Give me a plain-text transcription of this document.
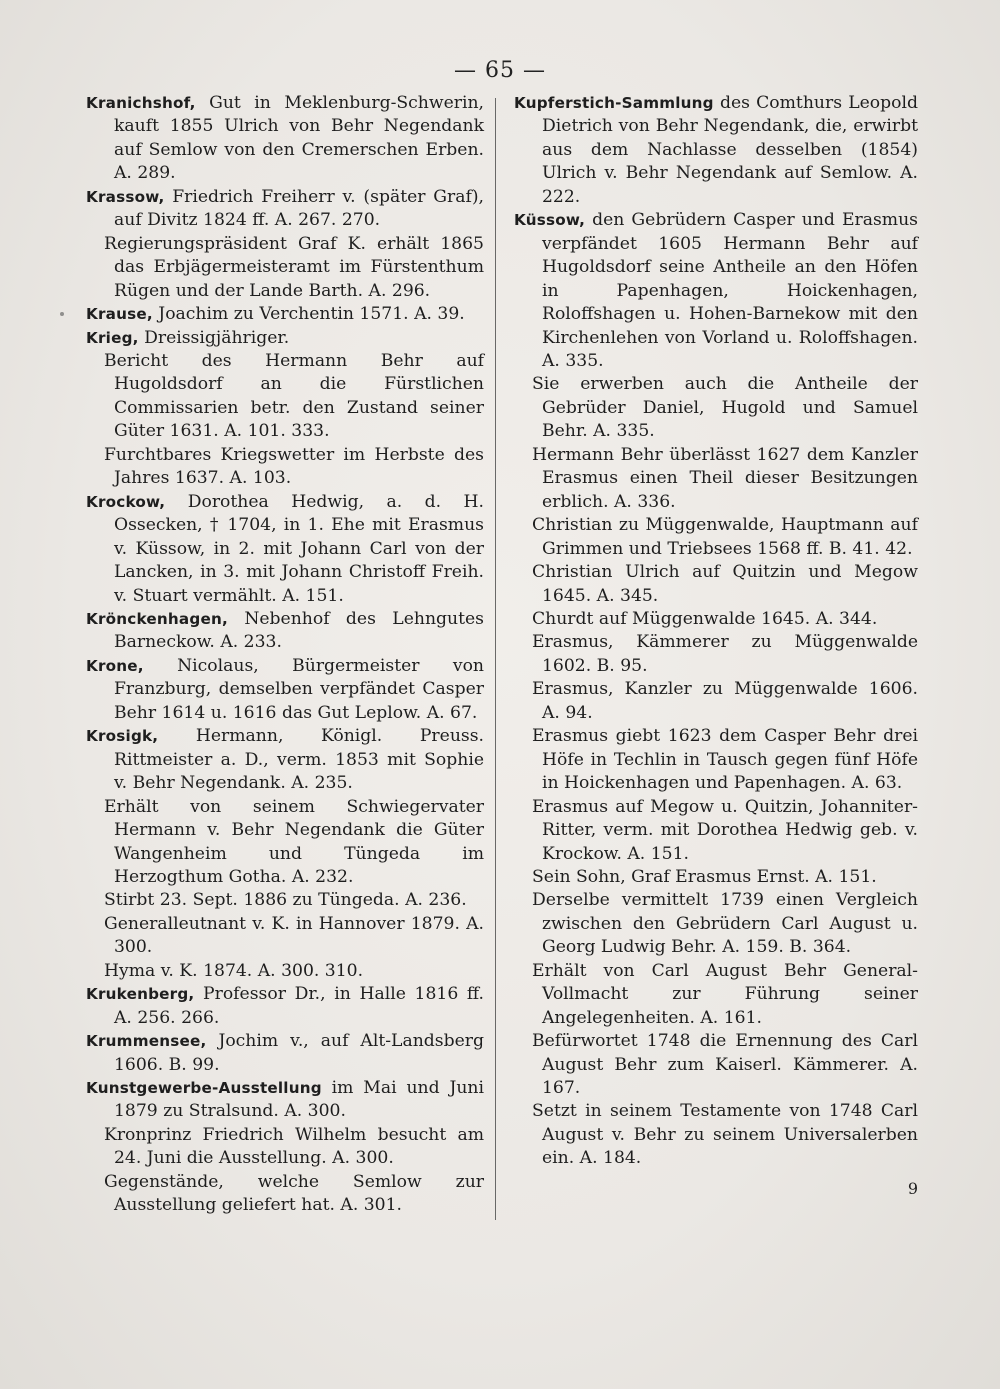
— 65 —

Kranichshof, Gut in Meklenburg-Schwerin, kauft 1855 Ulrich von Behr Negendank auf Semlow von den Cremerschen Erben. A. 289.

Krassow, Friedrich Freiherr v. (später Graf), auf Divitz 1824 ff. A. 267. 270.

Regierungspräsident Graf K. erhält 1865 das Erbjägermeisteramt im Fürstenthum Rügen und der Lande Barth. A. 296.

Krause, Joachim zu Verchentin 1571. A. 39.

Krieg, Dreissigjähriger.

Bericht des Hermann Behr auf Hugoldsdorf an die Fürstlichen Commissarien betr. den Zustand seiner Güter 1631. A. 101. 333.

Furchtbares Kriegswetter im Herbste des Jahres 1637. A. 103.

Krockow, Dorothea Hedwig, a. d. H. Ossecken, † 1704, in 1. Ehe mit Erasmus v. Küssow, in 2. mit Johann Carl von der Lancken, in 3. mit Johann Christoff Freih. v. Stuart vermählt. A. 151.

Krönckenhagen, Nebenhof des Lehngutes Barneckow. A. 233.

Krone, Nicolaus, Bürgermeister von Franzburg, demselben verpfändet Casper Behr 1614 u. 1616 das Gut Leplow. A. 67.

Krosigk, Hermann, Königl. Preuss. Rittmeister a. D., verm. 1853 mit Sophie v. Behr Negendank. A. 235.

Erhält von seinem Schwiegervater Hermann v. Behr Negendank die Güter Wangenheim und Tüngeda im Herzogthum Gotha. A. 232.

Stirbt 23. Sept. 1886 zu Tüngeda. A. 236.

Generalleutnant v. K. in Hannover 1879. A. 300.

Hyma v. K. 1874. A. 300. 310.

Krukenberg, Professor Dr., in Halle 1816 ff. A. 256. 266.

Krummensee, Jochim v., auf Alt-Landsberg 1606. B. 99.

Kunstgewerbe-Ausstellung im Mai und Juni 1879 zu Stralsund. A. 300.

Kronprinz Friedrich Wilhelm besucht am 24. Juni die Ausstellung. A. 300.

Gegenstände, welche Semlow zur Ausstellung geliefert hat. A. 301.

Kupferstich-Sammlung des Comthurs Leopold Dietrich von Behr Negendank, die, erwirbt aus dem Nachlasse desselben (1854) Ulrich v. Behr Negendank auf Semlow. A. 222.

Küssow, den Gebrüdern Casper und Erasmus verpfändet 1605 Hermann Behr auf Hugoldsdorf seine Antheile an den Höfen in Papenhagen, Hoickenhagen, Roloffshagen u. Hohen-Barnekow mit den Kirchenlehen von Vorland u. Roloffshagen. A. 335.

Sie erwerben auch die Antheile der Gebrüder Daniel, Hugold und Samuel Behr. A. 335.

Hermann Behr überlässt 1627 dem Kanzler Erasmus einen Theil dieser Besitzungen erblich. A. 336.

Christian zu Müggenwalde, Hauptmann auf Grimmen und Triebsees 1568 ff. B. 41. 42.

Christian Ulrich auf Quitzin und Megow 1645. A. 345.

Churdt auf Müggenwalde 1645. A. 344.

Erasmus, Kämmerer zu Müggenwalde 1602. B. 95.

Erasmus, Kanzler zu Müggenwalde 1606. A. 94.

Erasmus giebt 1623 dem Casper Behr drei Höfe in Techlin in Tausch gegen fünf Höfe in Hoickenhagen und Papenhagen. A. 63.

Erasmus auf Megow u. Quitzin, Johanniter-Ritter, verm. mit Dorothea Hedwig geb. v. Krockow. A. 151.

Sein Sohn, Graf Erasmus Ernst. A. 151.

Derselbe vermittelt 1739 einen Vergleich zwischen den Gebrüdern Carl August u. Georg Ludwig Behr. A. 159. B. 364.

Erhält von Carl August Behr General-Vollmacht zur Führung seiner Angelegenheiten. A. 161.

Befürwortet 1748 die Ernennung des Carl August Behr zum Kaiserl. Kämmerer. A. 167.

Setzt in seinem Testamente von 1748 Carl August v. Behr zu seinem Universalerben ein. A. 184.

9
